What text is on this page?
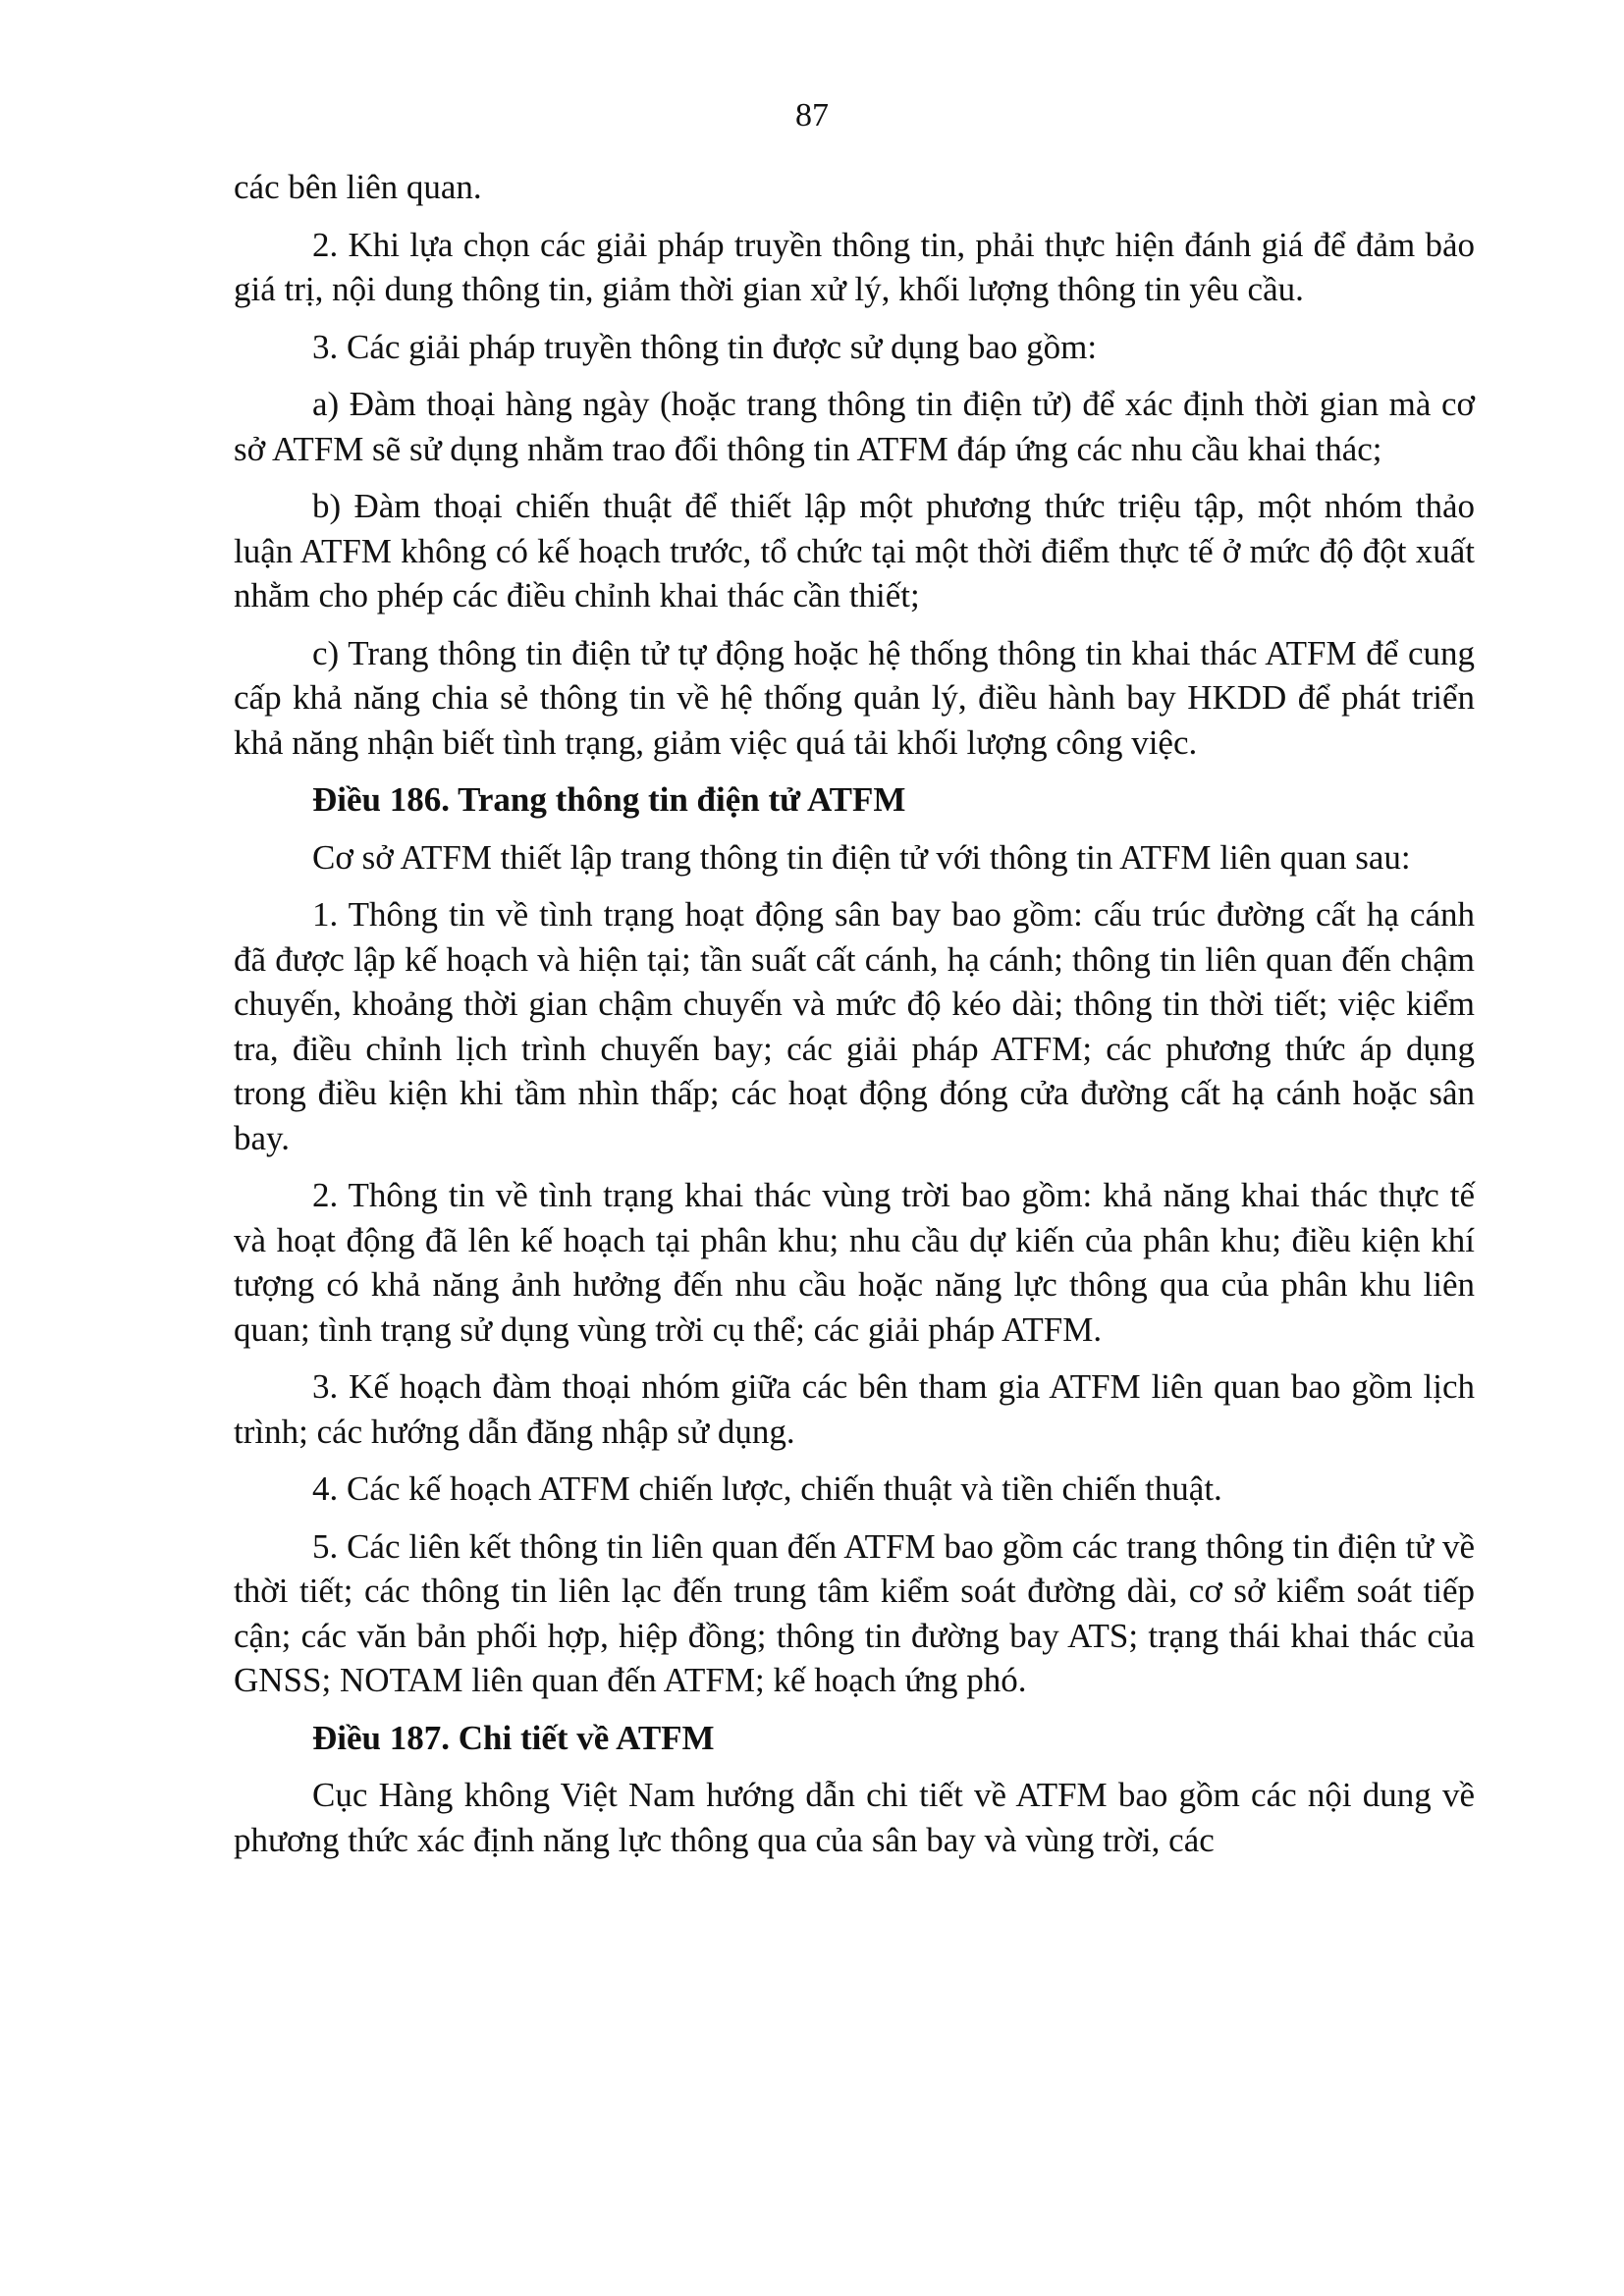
87

các bên liên quan.

2. Khi lựa chọn các giải pháp truyền thông tin, phải thực hiện đánh giá để đảm bảo giá trị, nội dung thông tin, giảm thời gian xử lý, khối lượng thông tin yêu cầu.

3. Các giải pháp truyền thông tin được sử dụng bao gồm:

a) Đàm thoại hàng ngày (hoặc trang thông tin điện tử) để xác định thời gian mà cơ sở ATFM sẽ sử dụng nhằm trao đổi thông tin ATFM đáp ứng các nhu cầu khai thác;

b) Đàm thoại chiến thuật để thiết lập một phương thức triệu tập, một nhóm thảo luận ATFM không có kế hoạch trước, tổ chức tại một thời điểm thực tế ở mức độ đột xuất nhằm cho phép các điều chỉnh khai thác cần thiết;

c) Trang thông tin điện tử tự động hoặc hệ thống thông tin khai thác ATFM để cung cấp khả năng chia sẻ thông tin về hệ thống quản lý, điều hành bay HKDD để phát triển khả năng nhận biết tình trạng, giảm việc quá tải khối lượng công việc.

Điều 186. Trang thông tin điện tử ATFM

Cơ sở ATFM thiết lập trang thông tin điện tử với thông tin ATFM liên quan sau:

1. Thông tin về tình trạng hoạt động sân bay bao gồm: cấu trúc đường cất hạ cánh đã được lập kế hoạch và hiện tại; tần suất cất cánh, hạ cánh; thông tin liên quan đến chậm chuyến, khoảng thời gian chậm chuyến và mức độ kéo dài; thông tin thời tiết; việc kiểm tra, điều chỉnh lịch trình chuyến bay; các giải pháp ATFM; các phương thức áp dụng trong điều kiện khi tầm nhìn thấp; các hoạt động đóng cửa đường cất hạ cánh hoặc sân bay.

2. Thông tin về tình trạng khai thác vùng trời bao gồm: khả năng khai thác thực tế và hoạt động đã lên kế hoạch tại phân khu; nhu cầu dự kiến của phân khu; điều kiện khí tượng có khả năng ảnh hưởng đến nhu cầu hoặc năng lực thông qua của phân khu liên quan; tình trạng sử dụng vùng trời cụ thể; các giải pháp ATFM.

3. Kế hoạch đàm thoại nhóm giữa các bên tham gia ATFM liên quan bao gồm lịch trình; các hướng dẫn đăng nhập sử dụng.

4. Các kế hoạch ATFM chiến lược, chiến thuật và tiền chiến thuật.

5. Các liên kết thông tin liên quan đến ATFM bao gồm các trang thông tin điện tử về thời tiết; các thông tin liên lạc đến trung tâm kiểm soát đường dài, cơ sở kiểm soát tiếp cận; các văn bản phối hợp, hiệp đồng; thông tin đường bay ATS; trạng thái khai thác của GNSS; NOTAM liên quan đến ATFM; kế hoạch ứng phó.

Điều 187. Chi tiết về ATFM

Cục Hàng không Việt Nam hướng dẫn chi tiết về ATFM bao gồm các nội dung về phương thức xác định năng lực thông qua của sân bay và vùng trời, các
